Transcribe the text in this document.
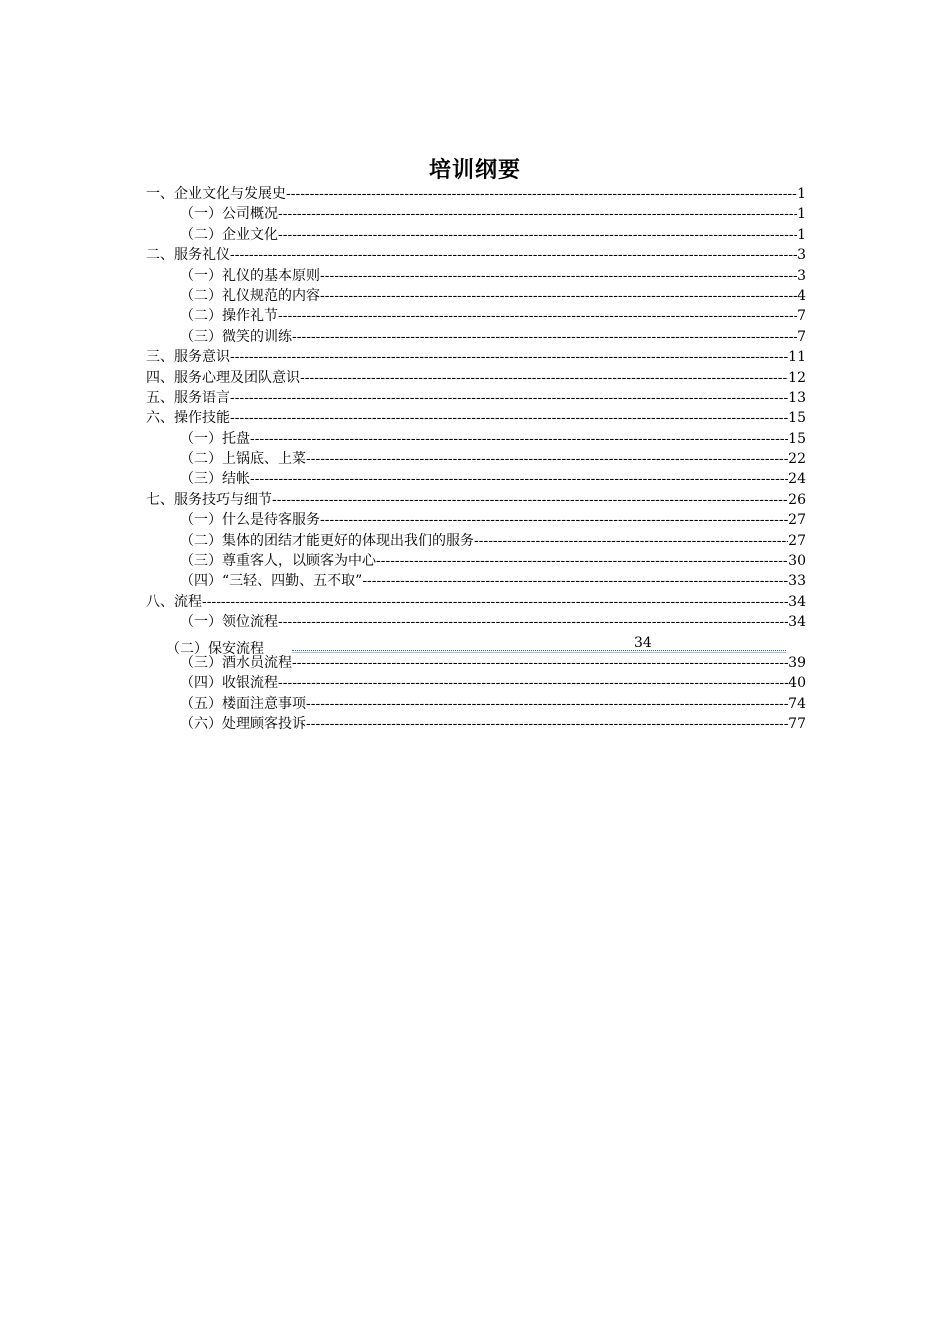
培训纲要
一、企业文化与发展史 -----	1
（一）公司概况 -----	1
（二）企业文化 -----	1
二、服务礼仪 -----	3
（一）礼仪的基本原则 -----	3
（二）礼仪规范的内容 -----	4
（二）操作礼节 -----	7
（三）微笑的训练 -----	7
三、服务意识 -----	11
四、服务心理及团队意识 -----	12
五、服务语言 -----	13
六、操作技能 -----	15
（一）托盘 -----	15
（二）上锅底、上菜 -----	22
（三）结帐 -----	24
七、服务技巧与细节 -----	26
（一）什么是待客服务 -----	27
（二）集体的团结才能更好的体现出我们的服务 -----	27
（三）尊重客人，以顾客为中心 -----	30
（四）“三轻、四勤、五不取” -----	33
八、流程 -----	34
（一）领位流程 -----	34
（二）保安流程	34
（三）酒水员流程 -----	39
（四）收银流程 -----	40
（五）楼面注意事项 -----	74
（六）处理顾客投诉 -----	77
